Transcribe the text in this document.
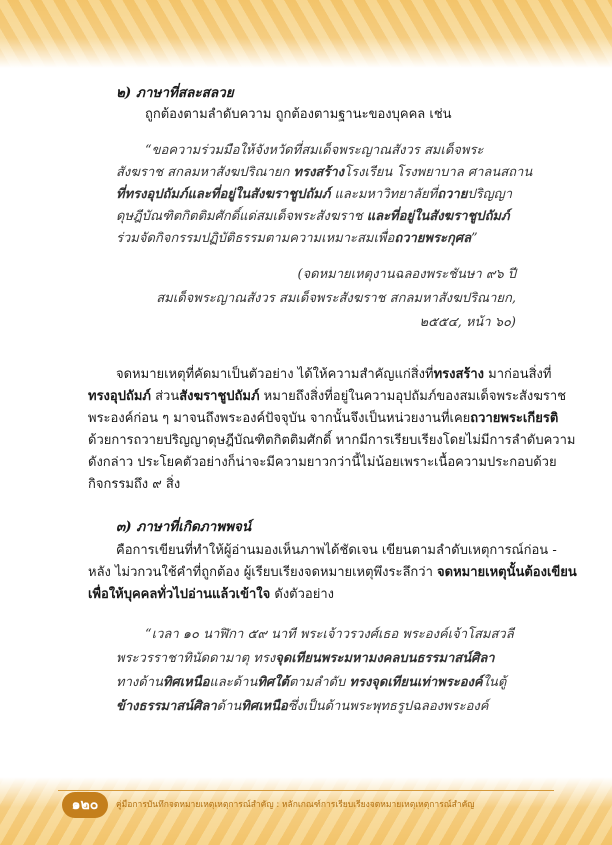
๒) ภาษาที่สละสลวย
ถูกต้องตามลำดับความ ถูกต้องตามฐานะของบุคคล เช่น
“ขอความร่วมมือให้จังหวัดที่สมเด็จพระญาณสังวร สมเด็จพระ
สังฆราช สกลมหาสังฆปริณายก ทรงสร้างโรงเรียน โรงพยาบาล ศาลนสถาน
ที่ทรงอุปถัมภ์และที่อยู่ในสังฆราชูปถัมภ์ และมหาวิทยาลัยที่ถวายปริญญา
ดุษฎีบัณฑิตกิตติมศักดิ์แด่สมเด็จพระสังฆราช และที่อยู่ในสังฆราชูปถัมภ์
ร่วมจัดกิจกรรมปฏิบัติธรรมตามความเหมาะสมเพื่อถวายพระกุศล”
(จดหมายเหตุงานฉลองพระชันษา ๙๖ ปี
สมเด็จพระญาณสังวร สมเด็จพระสังฆราช สกลมหาสังฆปริณายก,
๒๕๕๔, หน้า ๖๐)
จดหมายเหตุที่คัดมาเป็นตัวอย่าง ได้ให้ความสำคัญแก่สิ่งที่ทรงสร้าง มาก่อนสิ่งที่
ทรงอุปถัมภ์ ส่วนสังฆราชูปถัมภ์ หมายถึงสิ่งที่อยู่ในความอุปถัมภ์ของสมเด็จพระสังฆราช
พระองค์ก่อน ๆ มาจนถึงพระองค์ปัจจุบัน จากนั้นจึงเป็นหน่วยงานที่เคยถวายพระเกียรติ
ด้วยการถวายปริญญาดุษฎีบัณฑิตกิตติมศักดิ์ หากมีการเรียบเรียงโดยไม่มีการลำดับความ
ดังกล่าว ประโยคตัวอย่างก็น่าจะมีความยาวกว่านี้ไม่น้อยเพราะเนื้อความประกอบด้วย
กิจกรรมถึง ๙ สิ่ง
๓) ภาษาที่เกิดภาพพจน์
คือการเขียนที่ทำให้ผู้อ่านมองเห็นภาพได้ชัดเจน เขียนตามลำดับเหตุการณ์ก่อน -
หลัง ไม่วกวนใช้คำที่ถูกต้อง ผู้เรียบเรียงจดหมายเหตุพึงระลึกว่า จดหมายเหตุนั้นต้องเขียน
เพื่อให้บุคคลทั่วไปอ่านแล้วเข้าใจ ดังตัวอย่าง
“เวลา ๑๐ นาฬิกา ๕๙ นาที พระเจ้าวรวงศ์เธอ พระองค์เจ้าโสมสวลี
พระวรราชาทินัดดามาตุ ทรงจุดเทียนพระมหามงคลบนธรรมาสน์ศิลา
ทางด้านทิศเหนือและด้านทิศใต้ตามลำดับ ทรงจุดเทียนเท่าพระองค์ในตู้
ข้างธรรมาสน์ศิลาด้านทิศเหนือซึ่งเป็นด้านพระพุทธรูปฉลองพระองค์
๑๒๐	คู่มือการบันทึกจดหมายเหตุเหตุการณ์สำคัญ : หลักเกณฑ์การเรียบเรียงจดหมายเหตุเหตุการณ์สำคัญ
